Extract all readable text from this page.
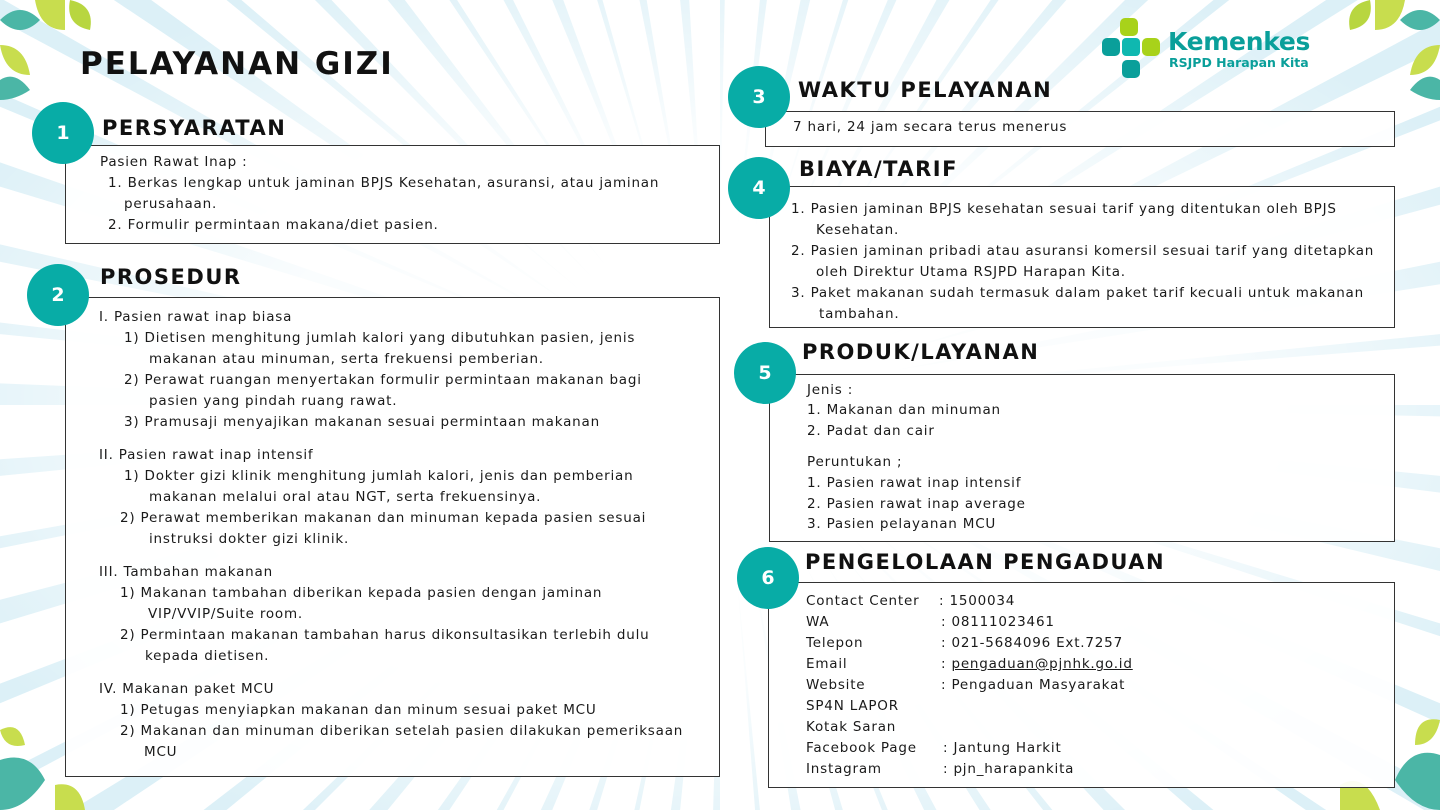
Kemenkes
RSJPD Harapan Kita
PELAYANAN GIZI
1	PERSYARATAN
Pasien Rawat Inap :
1. Berkas lengkap untuk jaminan BPJS Kesehatan, asuransi, atau jaminan
perusahaan.
2. Formulir permintaan makana/diet pasien.
2
PROSEDUR
I. Pasien rawat inap biasa
1) Dietisen menghitung jumlah kalori yang dibutuhkan pasien, jenis
makanan atau minuman, serta frekuensi pemberian.
2) Perawat ruangan menyertakan formulir permintaan makanan bagi
pasien yang pindah ruang rawat.
3) Pramusaji menyajikan makanan sesuai permintaan makanan
II. Pasien rawat inap intensif
1) Dokter gizi klinik menghitung jumlah kalori, jenis dan pemberian
makanan melalui oral atau NGT, serta frekuensinya.
2) Perawat memberikan makanan dan minuman kepada pasien sesuai
instruksi dokter gizi klinik.
III. Tambahan makanan
1) Makanan tambahan diberikan kepada pasien dengan jaminan
VIP/VVIP/Suite room.
2) Permintaan makanan tambahan harus dikonsultasikan terlebih dulu
kepada dietisen.
IV. Makanan paket MCU
1) Petugas menyiapkan makanan dan minum sesuai paket MCU
2) Makanan dan minuman diberikan setelah pasien dilakukan pemeriksaan
MCU
3	WAKTU PELAYANAN
7 hari, 24 jam secara terus menerus
4
BIAYA/TARIF
1. Pasien jaminan BPJS kesehatan sesuai tarif yang ditentukan oleh BPJS
Kesehatan.
2. Pasien jaminan pribadi atau asuransi komersil sesuai tarif yang ditetapkan
oleh Direktur Utama RSJPD Harapan Kita.
3. Paket makanan sudah termasuk dalam paket tarif kecuali untuk makanan
tambahan.
5
PRODUK/LAYANAN
Jenis :
1. Makanan dan minuman
2. Padat dan cair
Peruntukan ;
1. Pasien rawat inap intensif
2. Pasien rawat inap average
3. Pasien pelayanan MCU
6
PENGELOLAAN PENGADUAN
Contact Center : 1500034
WA	: 08111023461
Telepon	: 021-5684096 Ext.7257
Email	: pengaduan@pjnhk.go.id
Website	: Pengaduan Masyarakat
SP4N LAPOR
Kotak Saran
Facebook Page : Jantung Harkit
Instagram	: pjn_harapankita
